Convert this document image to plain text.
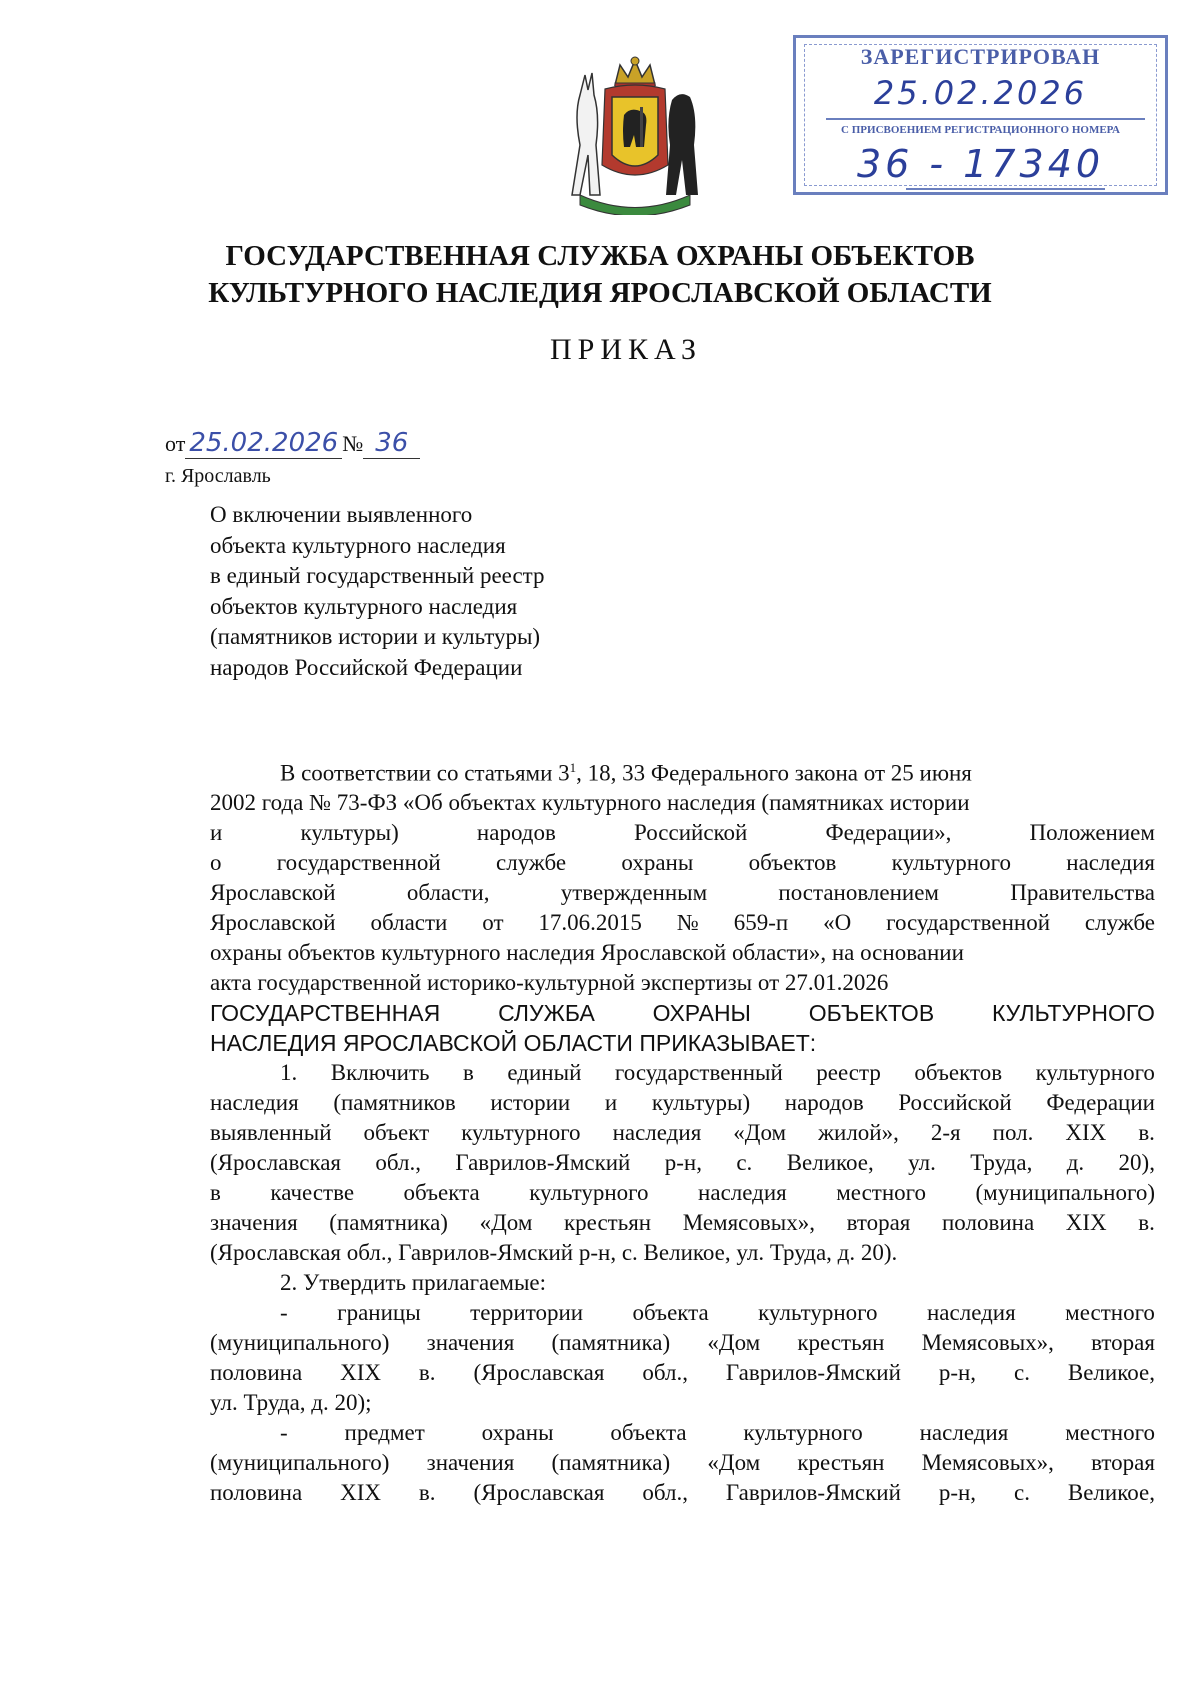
ЗАРЕГИСТРИРОВАН
25.02.2026
С ПРИСВОЕНИЕМ РЕГИСТРАЦИОННОГО НОМЕРА
36 - 17340
ГОСУДАРСТВЕННАЯ СЛУЖБА ОХРАНЫ ОБЪЕКТОВ
КУЛЬТУРНОГО НАСЛЕДИЯ ЯРОСЛАВСКОЙ ОБЛАСТИ
ПРИКАЗ
от 25.02.2026 № 36
г. Ярославль
О включении выявленного
объекта культурного наследия
в единый государственный реестр
объектов культурного наследия
(памятников истории и культуры)
народов Российской Федерации
В соответствии со статьями $3^1$, 18, 33 Федерального закона от 25 июня
2002 года № 73-ФЗ «Об объектах культурного наследия (памятниках истории
и	культуры)	народов	Российской	Федерации»,	Положением
о государственной службе охраны объектов культурного наследия
Ярославской	области,	утвержденным	постановлением	Правительства
Ярославской области от 17.06.2015 № 659-п «О государственной службе
охраны объектов культурного наследия Ярославской области», на основании
акта государственной историко-культурной экспертизы от 27.01.2026
ГОСУДАРСТВЕННАЯ	СЛУЖБА	ОХРАНЫ	ОБЪЕКТОВ	КУЛЬТУРНОГО
НАСЛЕДИЯ ЯРОСЛАВСКОЙ ОБЛАСТИ ПРИКАЗЫВАЕТ:
1. Включить в единый государственный реестр объектов культурного
наследия (памятников истории и культуры) народов Российской Федерации
выявленный объект культурного наследия «Дом жилой», 2-я пол. XIX в.
(Ярославская обл., Гаврилов-Ямский р-н, с. Великое, ул. Труда, д. 20),
в качестве объекта культурного наследия местного (муниципального)
значения (памятника) «Дом крестьян Мемясовых», вторая половина XIX в.
(Ярославская обл., Гаврилов-Ямский р-н, с. Великое, ул. Труда, д. 20).
2. Утвердить прилагаемые:
- границы территории объекта культурного наследия местного
(муниципального) значения (памятника) «Дом крестьян Мемясовых», вторая
половина XIX в. (Ярославская обл., Гаврилов-Ямский р-н, с. Великое,
ул. Труда, д. 20);
- предмет охраны объекта культурного наследия местного
(муниципального) значения (памятника) «Дом крестьян Мемясовых», вторая
половина XIX в. (Ярославская обл., Гаврилов-Ямский р-н, с. Великое,
